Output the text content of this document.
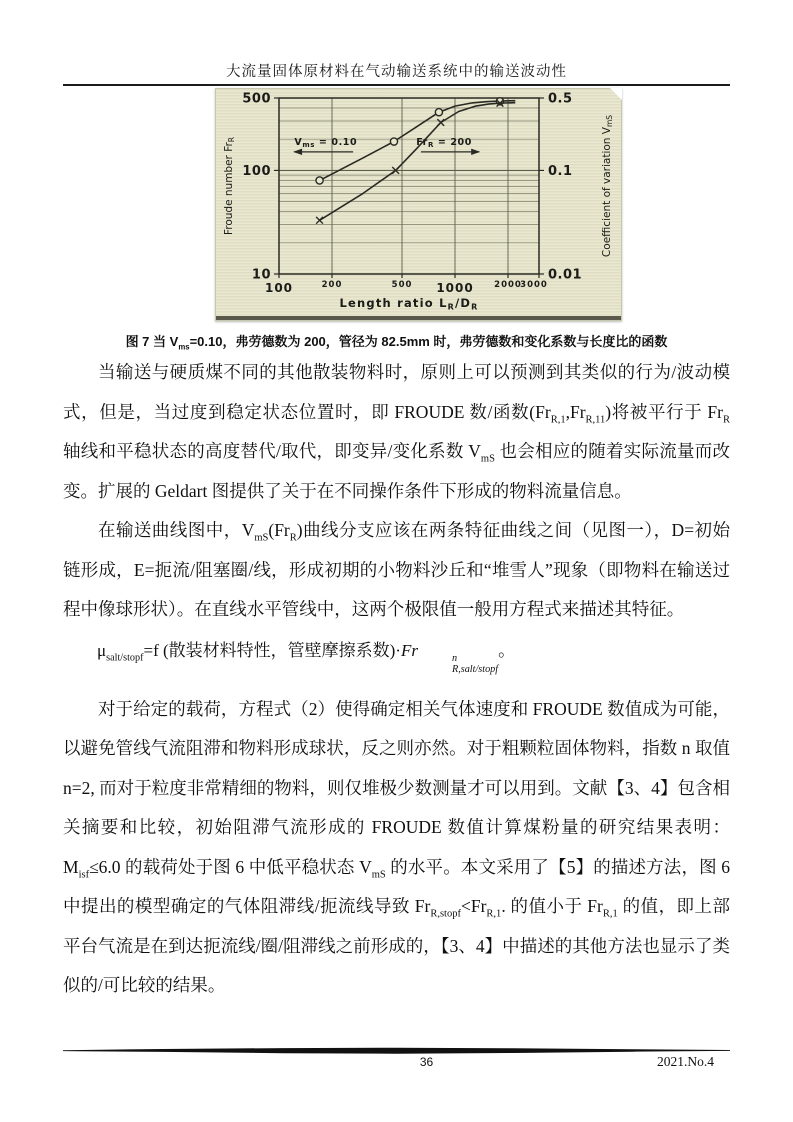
大流量固体原材料在气动输送系统中的输送波动性
100	200	500 1000 2000
3000
500
100
10
0.5
0.1
0.01
Length ratio $L_R/D_R$
Froude number $Fr_R$	Coefficient of variation $V_{mS}$
$V_{ms} = 0.10$	$Fr_R = 200$
图 7 当 $V_{ms}=0.10$，弗劳德数为 200，管径为 82.5mm 时，弗劳德数和变化系数与长度比的函数

当输送与硬质煤不同的其他散装物料时，原则上可以预测到其类似的行为/波动模式，但是，当过度到稳定状态位置时，即 FROUDE 数/函数$(Fr_{R,1},Fr_{R,11})$将被平行于 $Fr_R$ 轴线和平稳状态的高度替代/取代，即变异/变化系数 $V_{mS}$ 也会相应的随着实际流量而改变。扩展的 Geldart 图提供了关于在不同操作条件下形成的物料流量信息。

在输送曲线图中，$V_{mS}(Fr_R)$曲线分支应该在两条特征曲线之间（见图一），D=初始链形成，E=扼流/阻塞圈/线，形成初期的小物料沙丘和“堆雪人”现象（即物料在输送过程中像球形状）。在直线水平管线中，这两个极限值一般用方程式来描述其特征。

$\mu_{salt/stopf}=f$ (散装材料特性，管壁摩擦系数)·Fr	n
R,salt/stopf
。

对于给定的载荷，方程式（2）使得确定相关气体速度和 FROUDE 数值成为可能，以避免管线气流阻滞和物料形成球状，反之则亦然。对于粗颗粒固体物料，指数 n 取值 n=2, 而对于粒度非常精细的物料，则仅堆极少数测量才可以用到。文献【3、4】包含相关摘要和比较，初始阻滞气流形成的 FROUDE 数值计算煤粉量的研究结果表明：$M_{isf}\le 6.0$ 的载荷处于图 6 中低平稳状态 $V_{mS}$ 的水平。本文采用了【5】的描述方法，图 6 中提出的模型确定的气体阻滞线/扼流线导致 $Fr_{R,stopf}<Fr_{R,1}$. 的值小于 $Fr_{R,1}$ 的值，即上部平台气流是在到达扼流线/圈/阻滞线之前形成的，【3、4】中描述的其他方法也显示了类似的/可比较的结果。

36	2021.No.4
